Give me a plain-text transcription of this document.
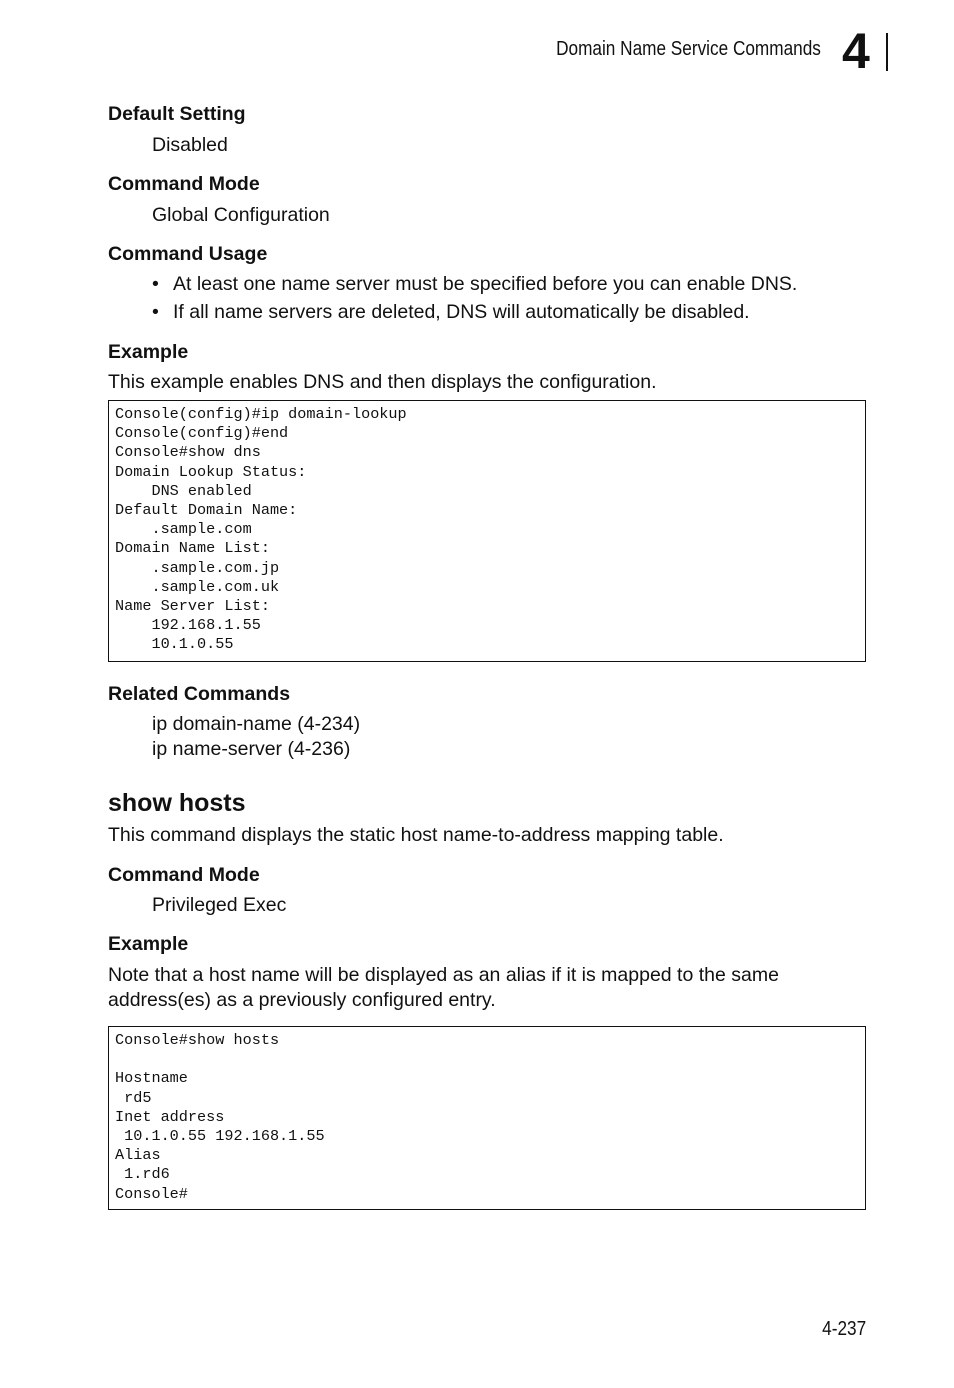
Domain Name Service Commands 4
Default Setting
Disabled
Command Mode
Global Configuration
Command Usage
• At least one name server must be specified before you can enable DNS.
• If all name servers are deleted, DNS will automatically be disabled.
Example
This example enables DNS and then displays the configuration.
Console(config)#ip domain-lookup
Console(config)#end
Console#show dns
Domain Lookup Status:
DNS enabled
Default Domain Name:
.sample.com
Domain Name List:
.sample.com.jp
.sample.com.uk
Name Server List:
192.168.1.55
10.1.0.55
Related Commands
ip domain-name (4-234)
ip name-server (4-236)
show hosts
This command displays the static host name-to-address mapping table.
Command Mode
Privileged Exec
Example
Note that a host name will be displayed as an alias if it is mapped to the same
address(es) as a previously configured entry.
Console#show hosts
Hostname
rd5
Inet address
10.1.0.55 192.168.1.55
Alias
1.rd6
Console#
4-237
